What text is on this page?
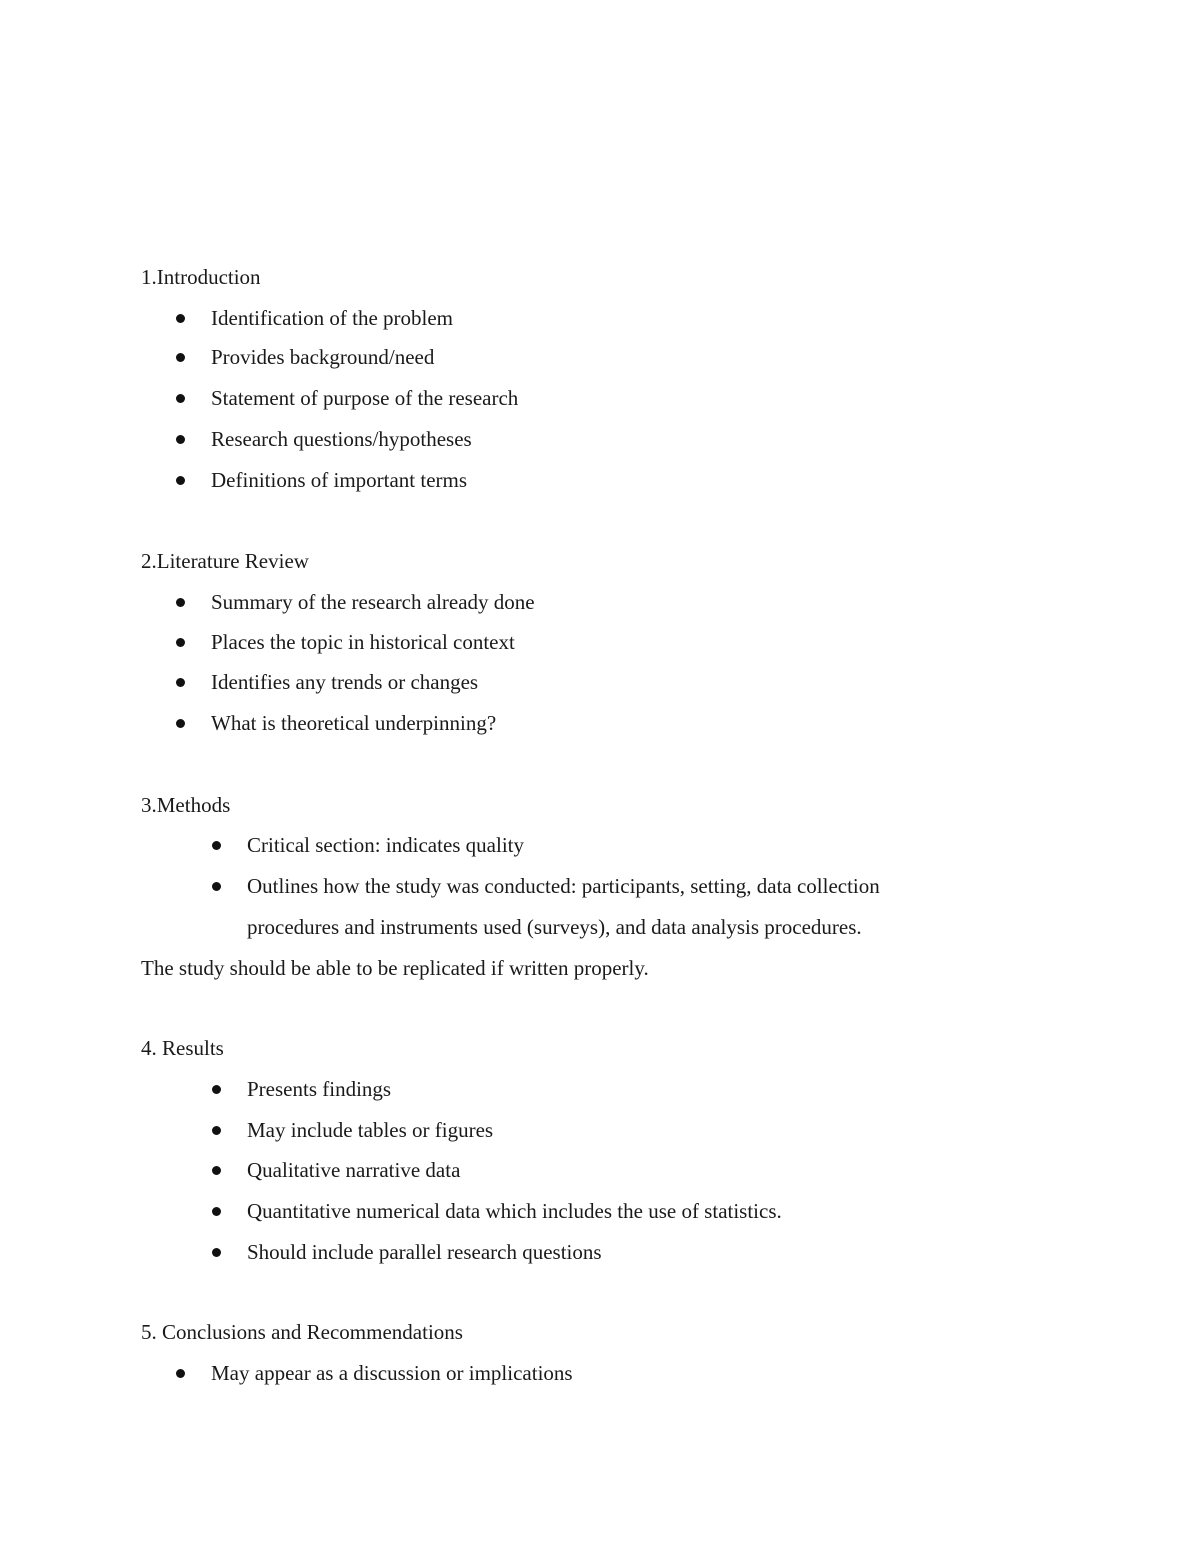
1.Introduction
Identification of the problem
Provides background/need
Statement of purpose of the research
Research questions/hypotheses
Definitions of important terms
2.Literature Review
Summary of the research already done
Places the topic in historical context
Identifies any trends or changes
What is theoretical underpinning?
3.Methods
Critical section: indicates quality
Outlines how the study was conducted: participants, setting, data collection
procedures and instruments used (surveys), and data analysis procedures.
The study should be able to be replicated if written properly.
4. Results
Presents findings
May include tables or figures
Qualitative narrative data
Quantitative numerical data which includes the use of statistics.
Should include parallel research questions
5. Conclusions and Recommendations
May appear as a discussion or implications
